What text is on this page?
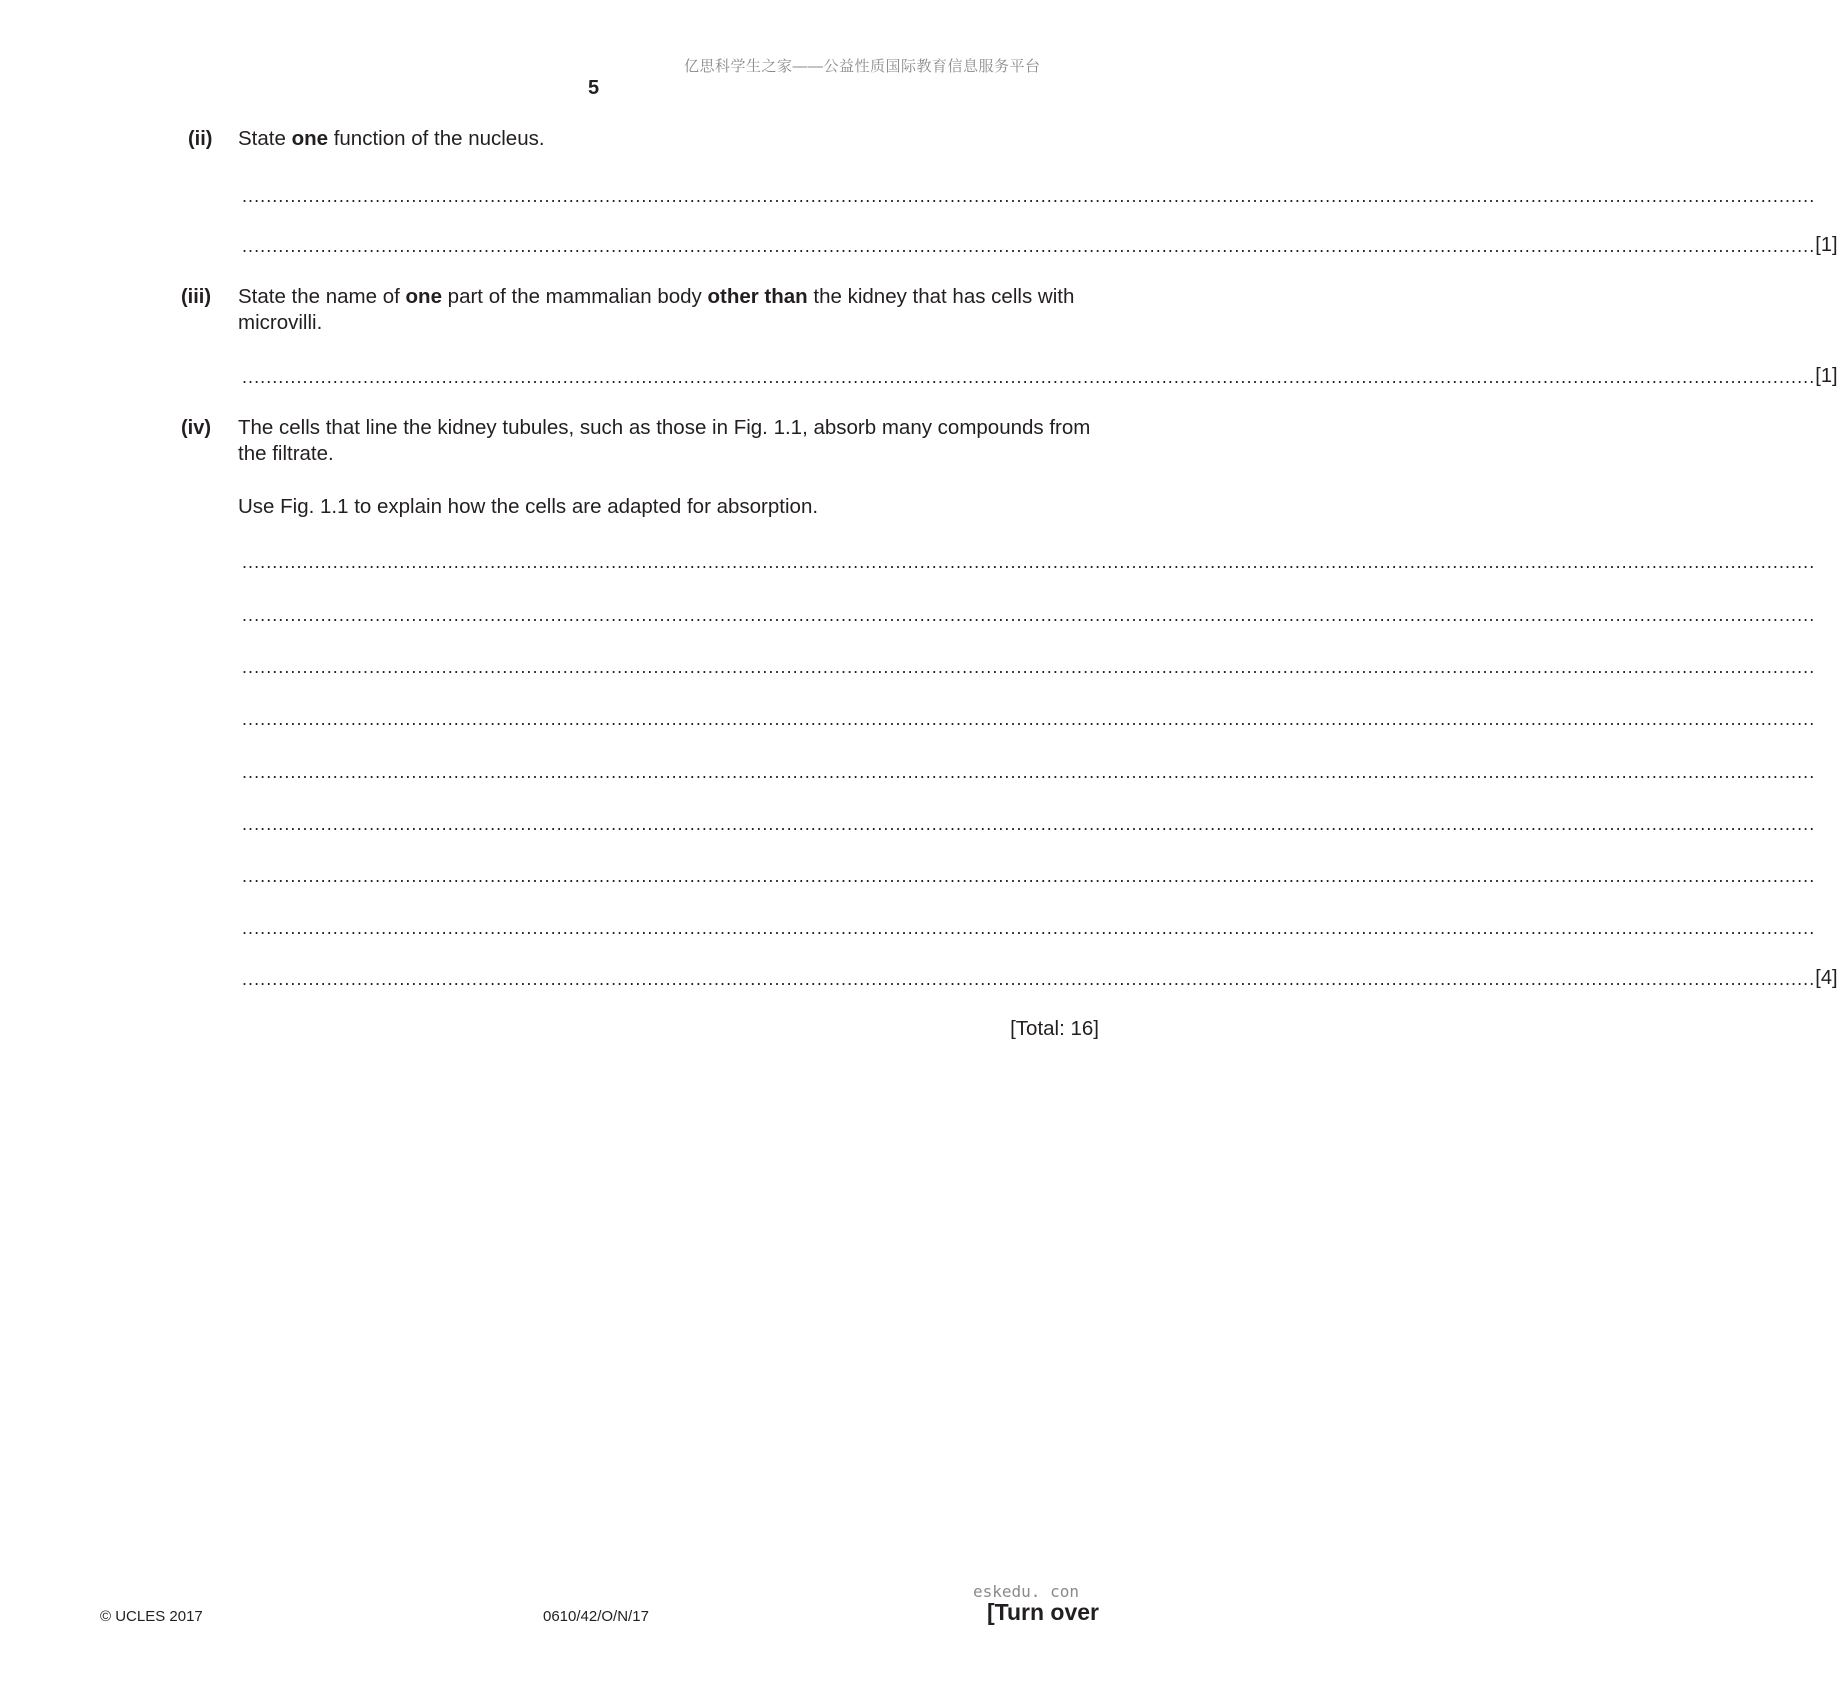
亿思科学生之家——公益性质国际教育信息服务平台
5
(ii) State one function of the nucleus.
....................................................................................................................................................................................................................................................................
.................................................................................................................................................................................................................................................................... [1]
(iii) State the name of one part of the mammalian body other than the kidney that has cells with microvilli.
.................................................................................................................................................................................................................................................................... [1]
(iv) The cells that line the kidney tubules, such as those in Fig. 1.1, absorb many compounds from the filtrate.
Use Fig. 1.1 to explain how the cells are adapted for absorption.
....................................................................................................................................................................................................................................................................
....................................................................................................................................................................................................................................................................
....................................................................................................................................................................................................................................................................
....................................................................................................................................................................................................................................................................
....................................................................................................................................................................................................................................................................
....................................................................................................................................................................................................................................................................
....................................................................................................................................................................................................................................................................
....................................................................................................................................................................................................................................................................
.................................................................................................................................................................................................................................................................... [4]
[Total: 16]
© UCLES 2017	0610/42/O/N/17
eskedu. con
[Turn over
